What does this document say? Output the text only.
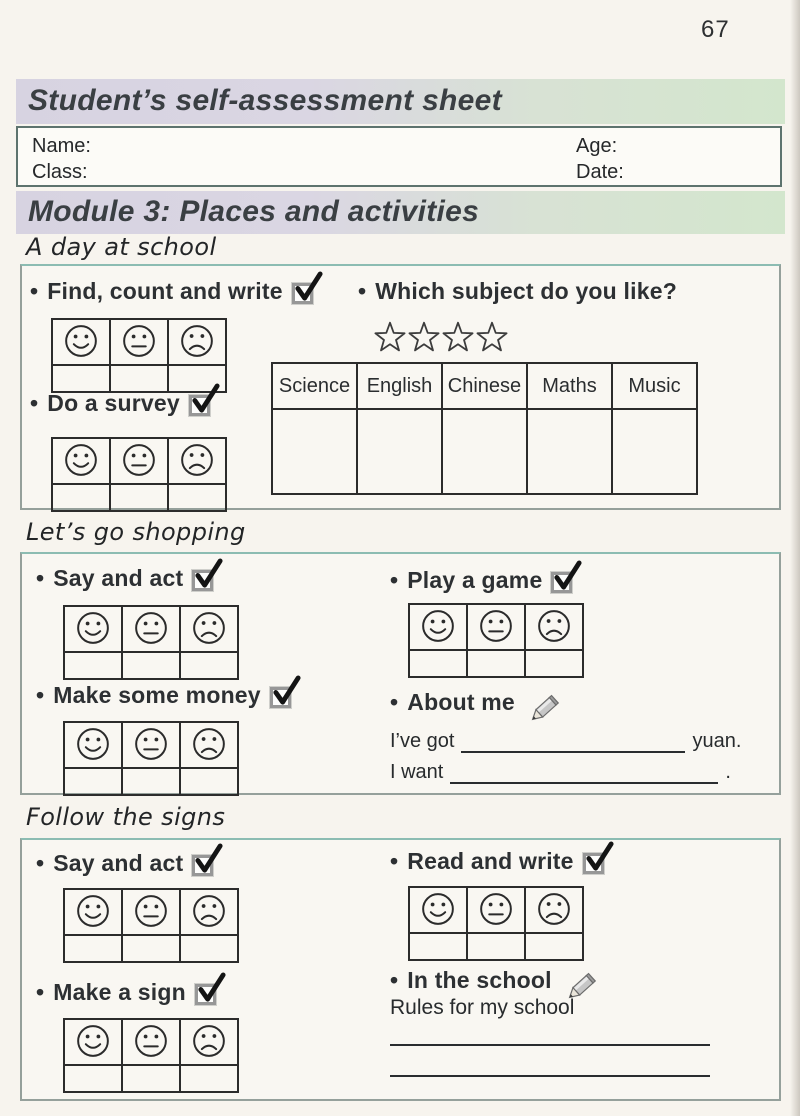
67
Student’s self-assessment sheet
Name:
Class:
Age:
Date:
Module 3: Places and activities
A day at school
• Find, count and write

• Do a survey

• Which subject do you like?
Science	English	Chinese	Maths	Music

Let’s go shopping
• Say and act

• Make some money

• Play a game

• About me
I’ve got	yuan.
I want	.
Follow the signs
• Say and act

• Make a sign

• Read and write

• In the school
Rules for my school
